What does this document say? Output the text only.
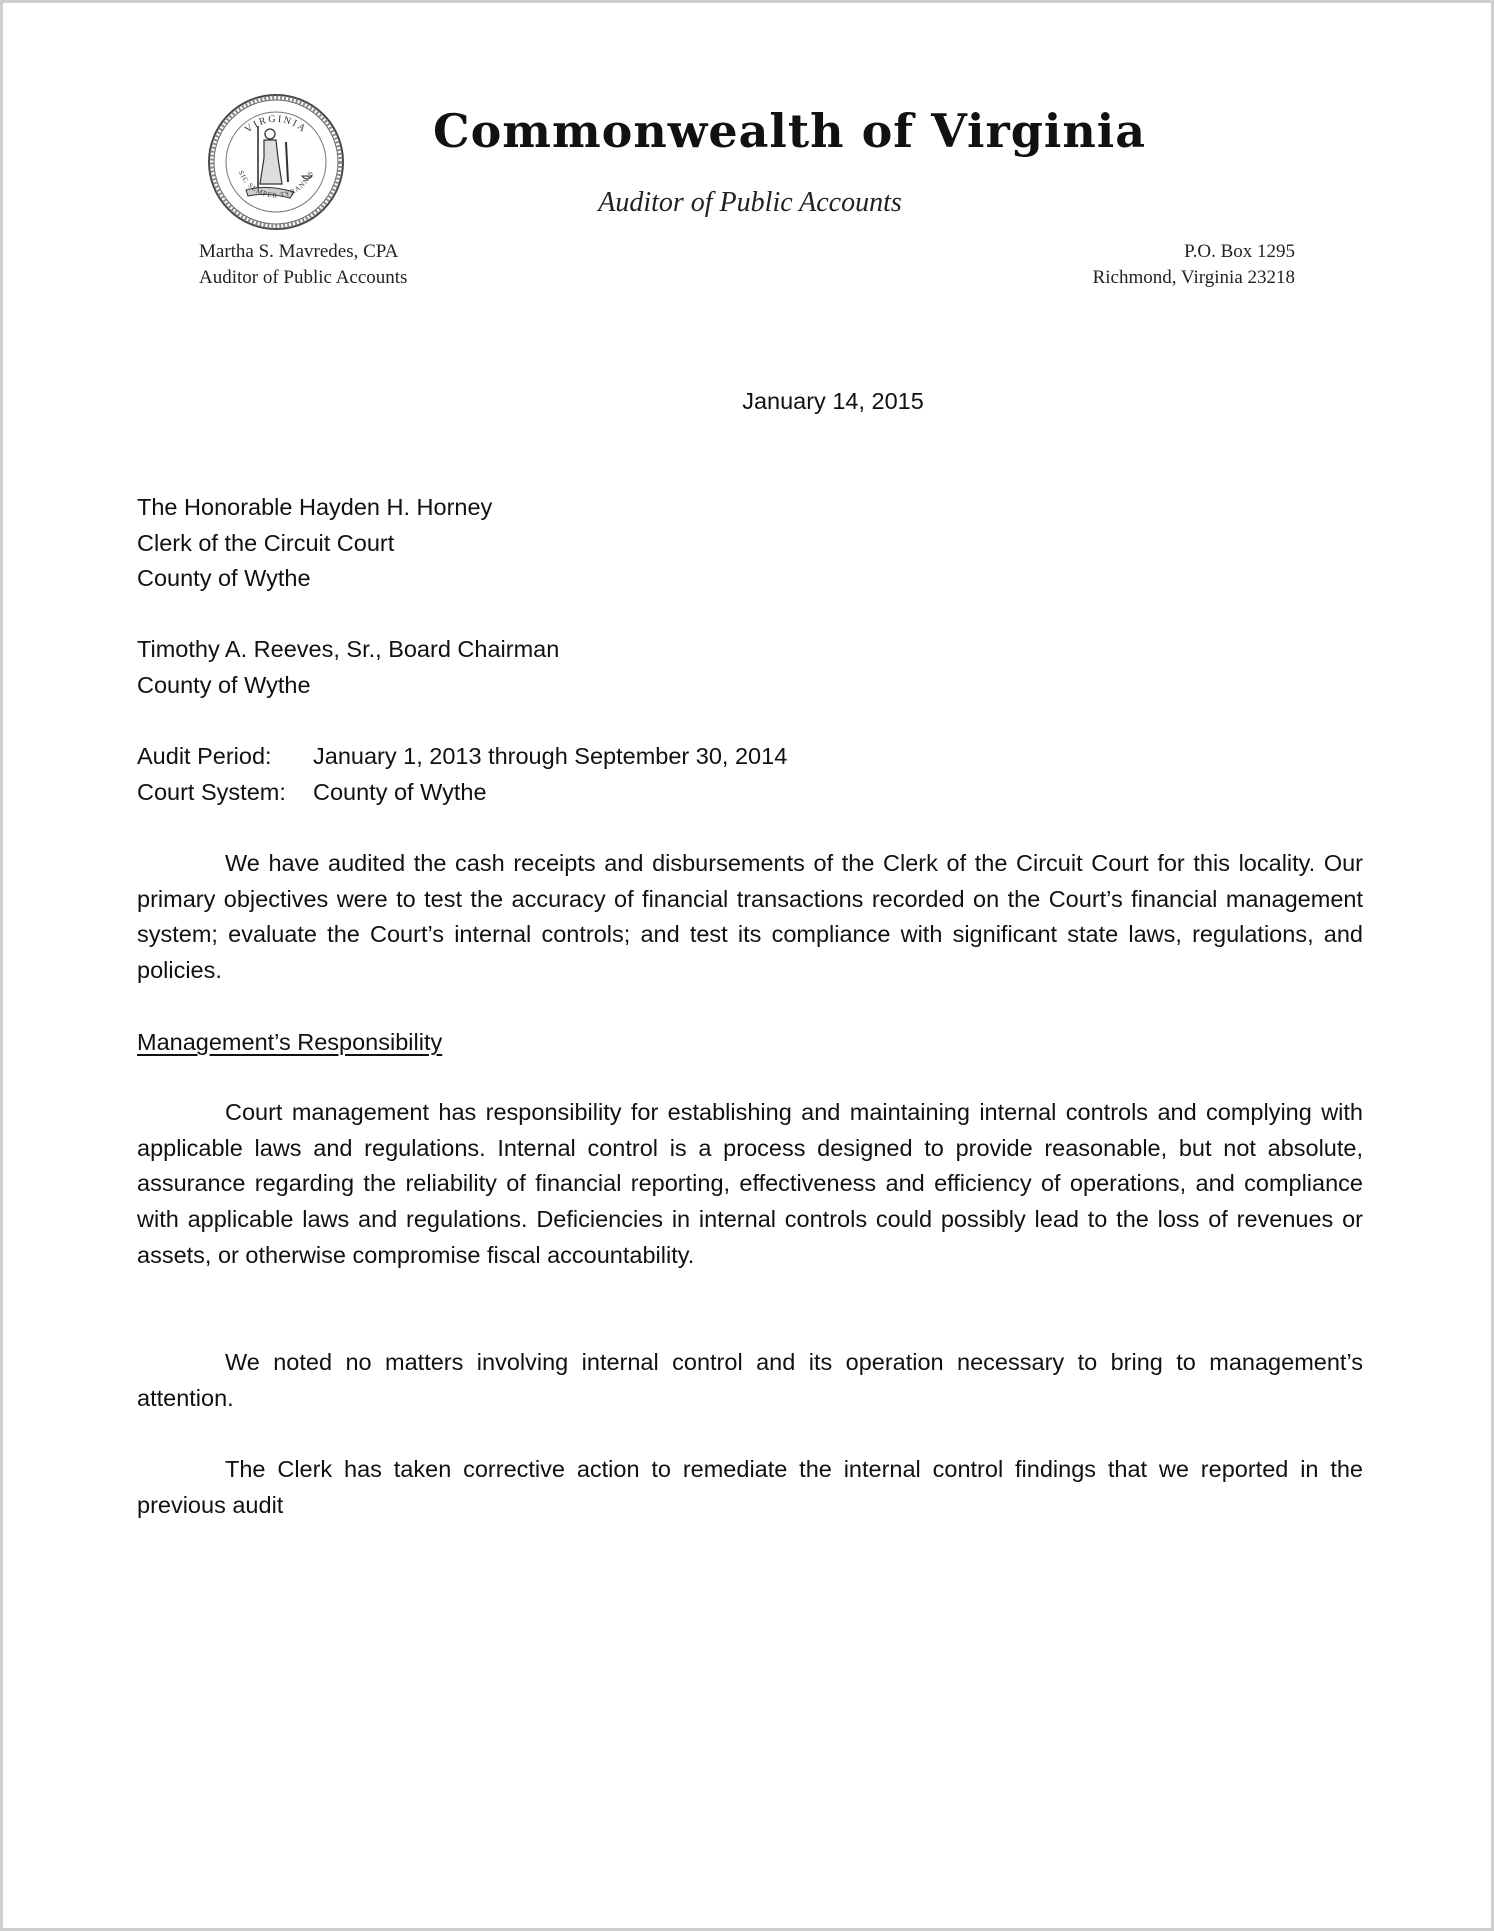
VIRGINIA
SIC SEMPER TYRANNIS
Commonwealth of Virginia
Auditor of Public Accounts
Martha S. Mavredes, CPA
Auditor of Public Accounts
P.O. Box 1295
Richmond, Virginia 23218
January 14, 2015
The Honorable Hayden H. Horney
Clerk of the Circuit Court
County of Wythe
Timothy A. Reeves, Sr., Board Chairman
County of Wythe
Audit Period: January 1, 2013 through September 30, 2014
Court System: County of Wythe
We have audited the cash receipts and disbursements of the Clerk of the Circuit Court for this locality. Our primary objectives were to test the accuracy of financial transactions recorded on the Court’s financial management system; evaluate the Court’s internal controls; and test its compliance with significant state laws, regulations, and policies.
Management’s Responsibility
Court management has responsibility for establishing and maintaining internal controls and complying with applicable laws and regulations. Internal control is a process designed to provide reasonable, but not absolute, assurance regarding the reliability of financial reporting, effectiveness and efficiency of operations, and compliance with applicable laws and regulations. Deficiencies in internal controls could possibly lead to the loss of revenues or assets, or otherwise compromise fiscal accountability.
We noted no matters involving internal control and its operation necessary to bring to management’s attention.
The Clerk has taken corrective action to remediate the internal control findings that we reported in the previous audit
